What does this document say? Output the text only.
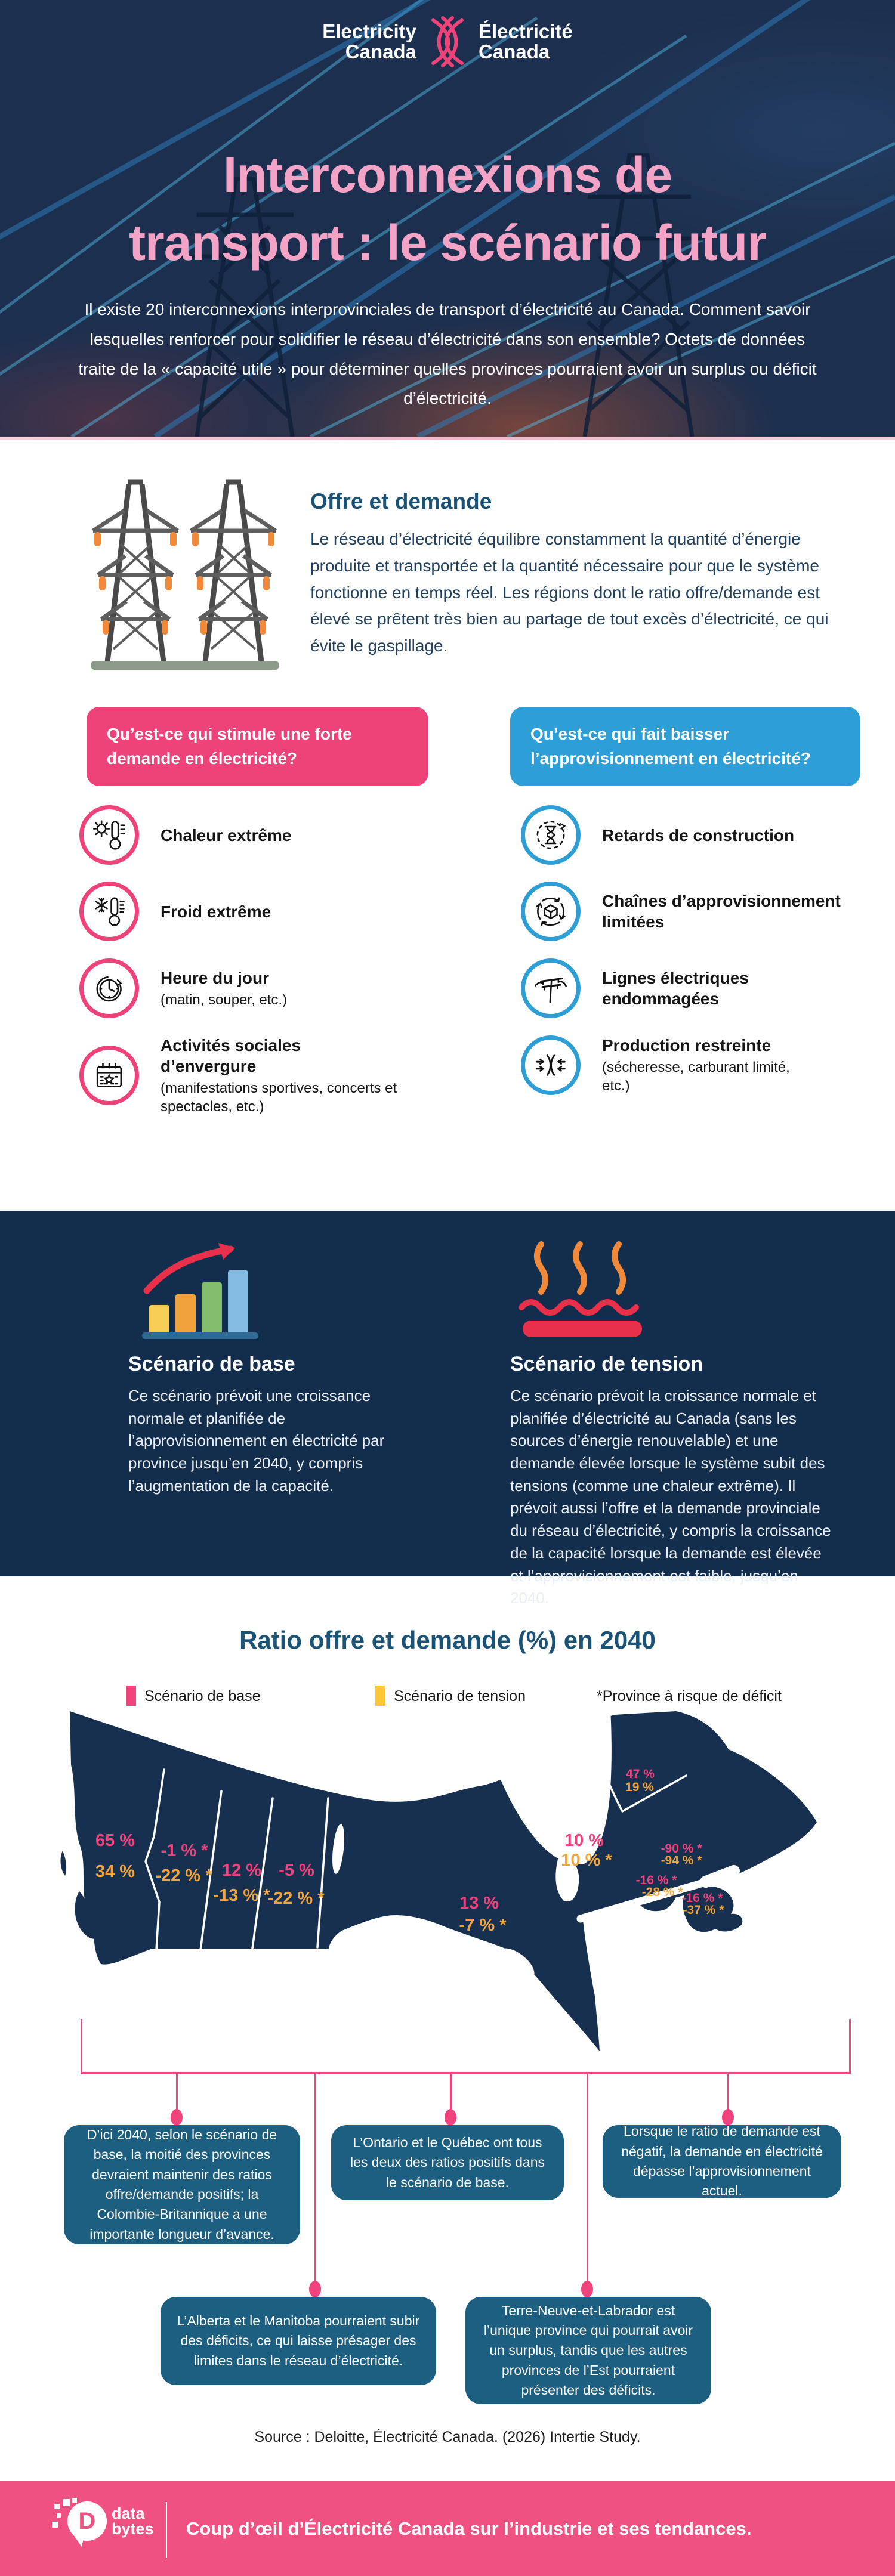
Electricity
Canada
Électricité
Canada
Interconnexions de
transport : le scénario futur
Il existe 20 interconnexions interprovinciales de transport d’électricité au Canada. Comment savoir lesquelles renforcer pour solidifier le réseau d’électricité dans son ensemble? Octets de données traite de la « capacité utile » pour déterminer quelles provinces pourraient avoir un surplus ou déficit d’électricité.
Offre et demande
Le réseau d’électricité équilibre constamment la quantité d’énergie produite et transportée et la quantité nécessaire pour que le système fonctionne en temps réel. Les régions dont le ratio offre/demande est élevé se prêtent très bien au partage de tout excès d’électricité, ce qui évite le gaspillage.
Qu’est-ce qui stimule une forte demande en électricité?
Qu’est-ce qui fait baisser l’approvisionnement en électricité?
Chaleur extrême
Froid extrême
Heure du jour
(matin, souper, etc.)
Activités sociales d’envergure
(manifestations sportives, concerts et spectacles, etc.)
Retards de construction
Chaînes d’approvisionnement limitées
Lignes électriques endommagées
Production restreinte
(sécheresse, carburant limité, etc.)
Scénario de base
Ce scénario prévoit une croissance normale et planifiée de l’approvisionnement en électricité par province jusqu’en 2040, y compris l’augmentation de la capacité.
Scénario de tension
Ce scénario prévoit la croissance normale et planifiée d’électricité au Canada (sans les sources d’énergie renouvelable) et une demande élevée lorsque le système subit des tensions (comme une chaleur extrême). Il prévoit aussi l’offre et la demande provinciale du réseau d’électricité, y compris la croissance de la capacité lorsque la demande est élevée et l’approvisionnement est faible, jusqu’en 2040.
Ratio offre et demande (%) en 2040
Scénario de base	Scénario de tension	*Province à risque de déficit
65 %
34 %
-1 % *
-22 % * 12 %
-13 % *
-5 %
-22 % *	13 %
-7 % *
10 %
10 % *
47 %
19 %
-90 % *
-94 % *
-16 % *
-28 % *
-16 % *
-37 % *
D’ici 2040, selon le scénario de base, la moitié des provinces devraient maintenir des ratios offre/demande positifs; la Colombie-Britannique a une importante longueur d’avance.
L’Ontario et le Québec ont tous les deux des ratios positifs dans le scénario de base.
Lorsque le ratio de demande est négatif, la demande en électricité dépasse l’approvisionnement actuel.
L’Alberta et le Manitoba pourraient subir des déficits, ce qui laisse présager des limites dans le réseau d’électricité.
Terre-Neuve-et-Labrador est l’unique province qui pourrait avoir un surplus, tandis que les autres provinces de l’Est pourraient présenter des déficits.
Source : Deloitte, Électricité Canada. (2026) Intertie Study.
D data
bytes Coup d’œil d’Électricité Canada sur l’industrie et ses tendances.
